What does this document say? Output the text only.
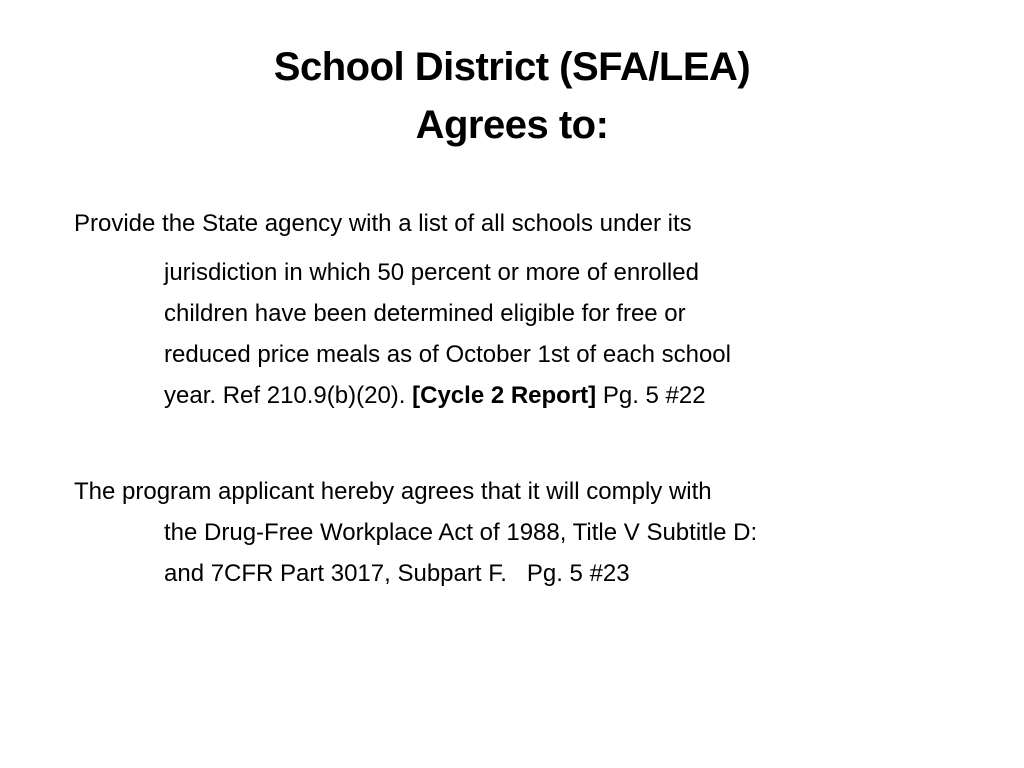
School District (SFA/LEA)
Agrees to:
Provide the State agency with a list of all schools under its
jurisdiction in which 50 percent or more of enrolled
children have been determined eligible for free or
reduced price meals as of October 1st of each school
year. Ref 210.9(b)(20). [Cycle 2 Report] Pg. 5 #22
The program applicant hereby agrees that it will comply with
the Drug-Free Workplace Act of 1988, Title V Subtitle D:
and 7CFR Part 3017, Subpart F.   Pg. 5 #23
